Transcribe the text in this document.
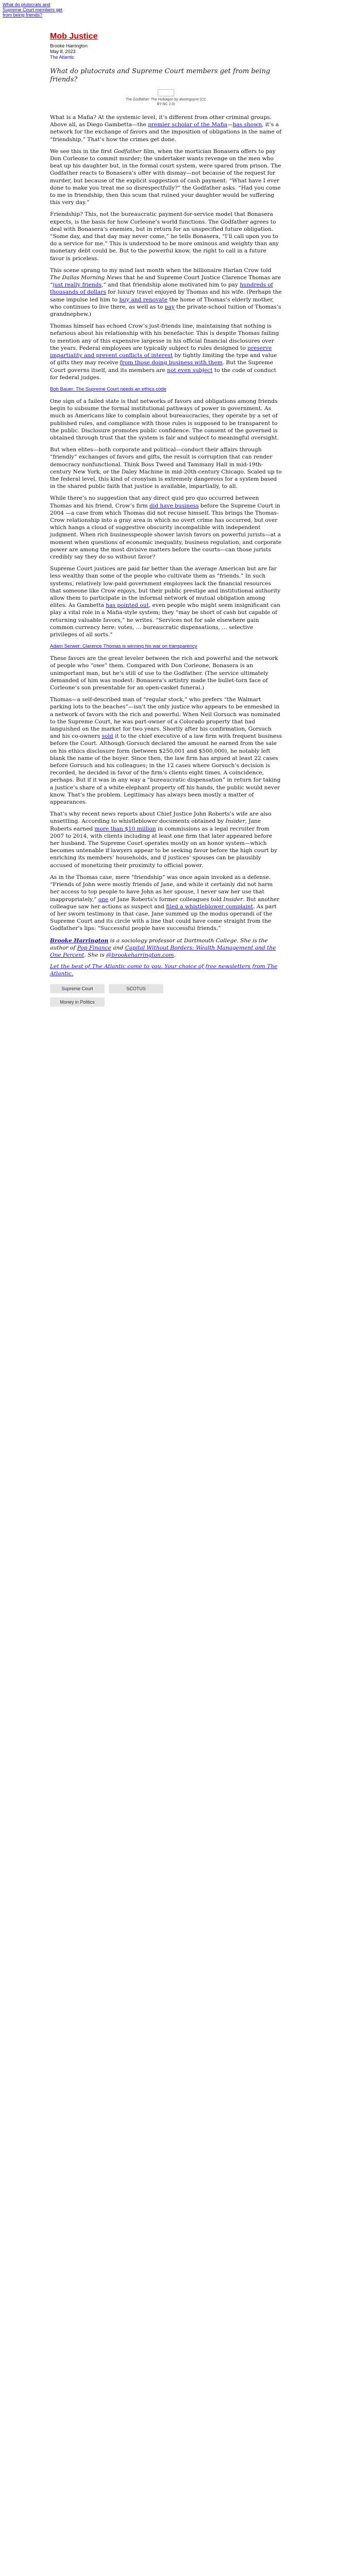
What do plutocrats and Supreme Court members get from being friends?
Mob Justice
Brooke Harrington
May 8, 2023
The Atlantic
What do plutocrats and Supreme Court members get from being friends?
The Godfather: The Hulkagon by alvoregoyne (CC
BY-NC 2.0)

What is a Mafia? At the systemic level, it’s different from other criminal groups. Above all, as Diego Gambetta—the premier scholar of the Mafia—has shown, it’s a network for the exchange of favors and the imposition of obligations in the name of “friendship.” That’s how the crimes get done.

We see this in the first Godfather film, when the mortician Bonasera offers to pay Don Corleone to commit murder; the undertaker wants revenge on the men who beat up his daughter but, in the formal court system, were spared from prison. The Godfather reacts to Bonasera’s offer with dismay—not because of the request for murder, but because of the explicit suggestion of cash payment. “What have I ever done to make you treat me so disrespectfully?” the Godfather asks. “Had you come to me in friendship, then this scum that ruined your daughter would be suffering this very day.”

Friendship? This, not the bureaucratic payment-for-service model that Bonasera expects, is the basis for how Corleone’s world functions. The Godfather agrees to deal with Bonasera’s enemies, but in return for an unspecified future obligation. “Some day, and that day may never come,” he tells Bonasera, “I’ll call upon you to do a service for me.” This is understood to be more ominous and weighty than any monetary debt could be. But to the powerful know, the right to call in a future favor is priceless.

This scene sprang to my mind last month when the billionaire Harlan Crow told The Dallas Morning News that he and Supreme Court Justice Clarence Thomas are “just really friends,” and that friendship alone motivated him to pay hundreds of thousands of dollars for luxury travel enjoyed by Thomas and his wife. (Perhaps the same impulse led him to buy and renovate the home of Thomas’s elderly mother, who continues to live there, as well as to pay the private-school tuition of Thomas’s grandnephew.)

Thomas himself has echoed Crow’s just-friends line, maintaining that nothing is nefarious about his relationship with his benefactor. This is despite Thomas failing to mention any of this expensive largesse in his official financial disclosures over the years. Federal employees are typically subject to rules designed to preserve impartiality and prevent conflicts of interest by tightly limiting the type and value of gifts they may receive from those doing business with them. But the Supreme Court governs itself, and its members are not even subject to the code of conduct for federal judges.

Bob Bauer: The Supreme Court needs an ethics code

One sign of a failed state is that networks of favors and obligations among friends begin to subsume the formal institutional pathways of power in government. As much as Americans like to complain about bureaucracies, they operate by a set of published rules, and compliance with those rules is supposed to be transparent to the public. Disclosure promotes public confidence. The consent of the governed is obtained through trust that the system is fair and subject to meaningful oversight.

But when elites—both corporate and political—conduct their affairs through “friendly” exchanges of favors and gifts, the result is corruption that can render democracy nonfunctional. Think Boss Tweed and Tammany Hall in mid-19th-century New York, or the Daley Machine in mid-20th-century Chicago. Scaled up to the federal level, this kind of cronyism is extremely dangerous for a system based in the shared public faith that justice is available, impartially, to all.

While there’s no suggestion that any direct quid pro quo occurred between Thomas and his friend, Crow’s firm did have business before the Supreme Court in 2004 —a case from which Thomas did not recuse himself. This brings the Thomas-Crow relationship into a gray area in which no overt crime has occurred, but over which hangs a cloud of suggestive obscurity incompatible with independent judgment. When rich businesspeople shower lavish favors on powerful jurists—at a moment when questions of economic inequality, business regulation, and corporate power are among the most divisive matters before the courts—can those jurists credibly say they do so without favor?

Supreme Court justices are paid far better than the average American but are far less wealthy than some of the people who cultivate them as “friends.” In such systems, relatively low-paid government employees lack the financial resources that someone like Crow enjoys, but their public prestige and institutional authority allow them to participate in the informal network of mutual obligation among elites. As Gambetta has pointed out, even people who might seem insignificant can play a vital role in a Mafia-style system; they “may be short of cash but capable of returning valuable favors,” he writes. “Services not for sale elsewhere gain common currency here: votes, … bureaucratic dispensations, … selective privileges of all sorts.”

Adam Serwer: Clarence Thomas is winning his war on transparency

These favors are the great leveler between the rich and powerful and the network of people who “owe” them. Compared with Don Corleone, Bonasera is an unimportant man, but he’s still of use to the Godfather. (The service ultimately demanded of him was modest: Bonasera’s artistry made the bullet-torn face of Corleone’s son presentable for an open-casket funeral.)

Thomas—a self-described man of “regular stock,” who prefers “the Walmart parking lots to the beaches”—isn’t the only justice who appears to be enmeshed in a network of favors with the rich and powerful. When Neil Gorsuch was nominated to the Supreme Court, he was part-owner of a Colorado property that had languished on the market for two years. Shortly after his confirmation, Gorsuch and his co-owners sold it to the chief executive of a law firm with frequent business before the Court. Although Gorsuch declared the amount he earned from the sale on his ethics disclosure form (between $250,001 and $500,000), he notably left blank the name of the buyer. Since then, the law firm has argued at least 22 cases before Gorsuch and his colleagues; in the 12 cases where Gorsuch’s decision is recorded, he decided in favor of the firm’s clients eight times. A coincidence, perhaps. But if it was in any way a “bureaucratic dispensation” in return for taking a justice’s share of a white-elephant property off his hands, the public would never know. That’s the problem. Legitimacy has always been mostly a matter of appearances.

That’s why recent news reports about Chief Justice John Roberts’s wife are also unsettling. According to whistleblower documents obtained by Insider, Jane Roberts earned more than $10 million in commissions as a legal recruiter from 2007 to 2014, with clients including at least one firm that later appeared before her husband. The Supreme Court operates mostly on an honor system—which becomes untenable if lawyers appear to be seeking favor before the high court by enriching its members’ households, and if justices’ spouses can be plausibly accused of monetizing their proximity to official power.

As in the Thomas case, mere “friendship” was once again invoked as a defense. “Friends of John were mostly friends of Jane, and while it certainly did not harm her access to top people to have John as her spouse, I never saw her use that inappropriately,” one of Jane Roberts’s former colleagues told Insider. But another colleague saw her actions as suspect and filed a whistleblower complaint. As part of her sworn testimony in that case, Jane summed up the modus operandi of the Supreme Court and its circle with a line that could have come straight from the Godfather’s lips: “Successful people have successful friends.”

Brooke Harrington is a sociology professor at Dartmouth College. She is the author of Pop Finance and Capital Without Borders: Wealth Management and the One Percent. She is @brookeharrington.com.
Let the best of The Atlantic come to you. Your choice of free newsletters from The Atlantic.
Supreme Court	SCOTUS
Money in Politics
